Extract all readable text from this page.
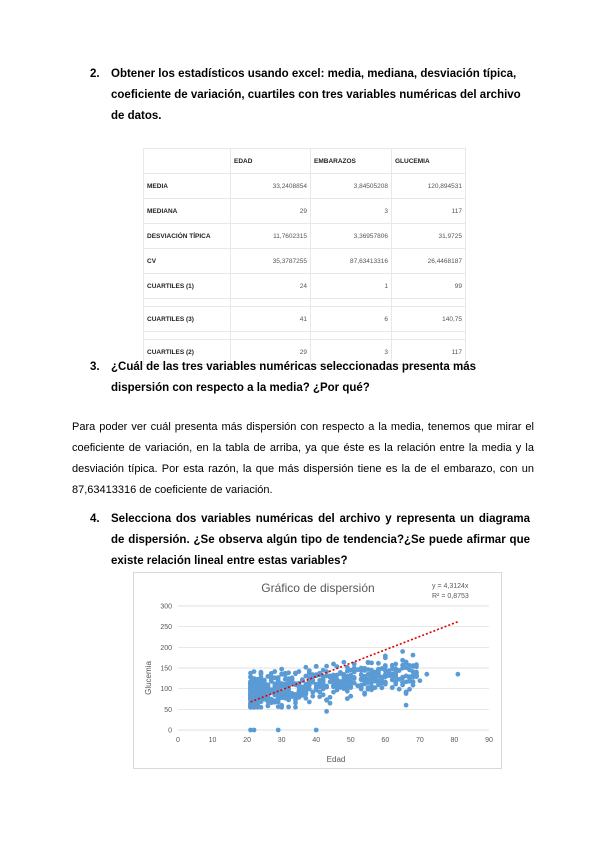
2. Obtener los estadísticos usando excel: media, mediana, desviación típica, coeficiente de variación, cuartiles con tres variables numéricas del archivo de datos.
	EDAD	EMBARAZOS	GLUCEMIA
MEDIA	33,2408854	3,84505208	120,894531
MEDIANA	29	3	117
DESVIACIÓN TÍPICA	11,7602315	3,36957806	31,9725
CV	35,3787255	87,63413316	26,4468187
CUARTILES (1)	24	1	99

CUARTILES (3)	41	6	140,75

CUARTILES (2)	29	3	117
3. ¿Cuál de las tres variables numéricas seleccionadas presenta más dispersión con respecto a la media? ¿Por qué?
Para poder ver cuál presenta más dispersión con respecto a la media, tenemos que mirar el coeficiente de variación, en la tabla de arriba, ya que éste es la relación entre la media y la desviación típica. Por esta razón, la que más dispersión tiene es la de el embarazo, con un 87,63413316 de coeficiente de variación.
4. Selecciona dos variables numéricas del archivo y representa un diagrama de dispersión. ¿Se observa algún tipo de tendencia?¿Se puede afirmar que existe relación lineal entre estas variables?
Gráfico de dispersión	y = 4,3124x
R² = 0,8753
0
50
100
150
200
250
300
0	10	20	30	40	50	60	70	80	90
Edad
Glucemia
